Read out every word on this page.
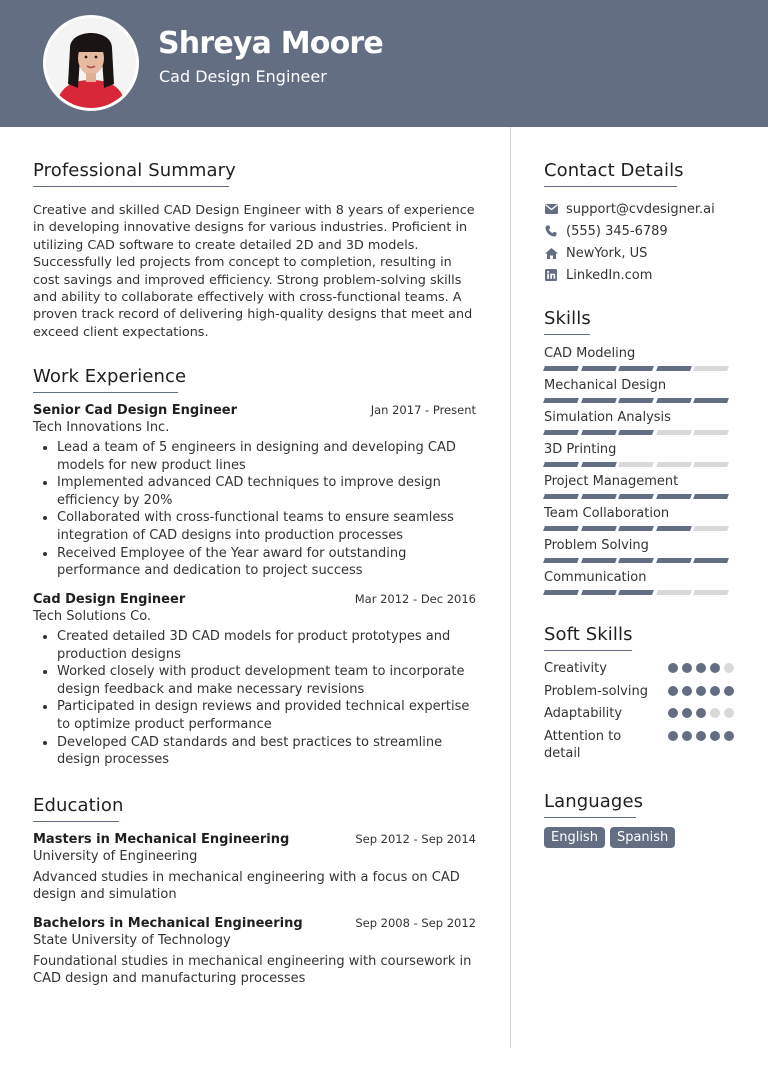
Shreya Moore
Cad Design Engineer
Professional Summary

Creative and skilled CAD Design Engineer with 8 years of experience in developing innovative designs for various industries. Proficient in utilizing CAD software to create detailed 2D and 3D models. Successfully led projects from concept to completion, resulting in cost savings and improved efficiency. Strong problem-solving skills and ability to collaborate effectively with cross-functional teams. A proven track record of delivering high-quality designs that meet and exceed client expectations.

Work Experience
Senior Cad Design Engineer	Jan 2017 - Present
Tech Innovations Inc.
• Lead a team of 5 engineers in designing and developing CAD models for new product lines
• Implemented advanced CAD techniques to improve design efficiency by 20%
• Collaborated with cross-functional teams to ensure seamless integration of CAD designs into production processes
• Received Employee of the Year award for outstanding performance and dedication to project success
Cad Design Engineer	Mar 2012 - Dec 2016
Tech Solutions Co.
• Created detailed 3D CAD models for product prototypes and production designs
• Worked closely with product development team to incorporate design feedback and make necessary revisions
• Participated in design reviews and provided technical expertise to optimize product performance
• Developed CAD standards and best practices to streamline design processes
Education
Masters in Mechanical Engineering	Sep 2012 - Sep 2014
University of Engineering

Advanced studies in mechanical engineering with a focus on CAD design and simulation

Bachelors in Mechanical Engineering	Sep 2008 - Sep 2012
State University of Technology

Foundational studies in mechanical engineering with coursework in CAD design and manufacturing processes

Contact Details
support@cvdesigner.ai
(555) 345-6789
NewYork, US
LinkedIn.com
Skills
CAD Modeling
Mechanical Design
Simulation Analysis
3D Printing
Project Management
Team Collaboration
Problem Solving
Communication
Soft Skills
Creativity
Problem-solving
Adaptability
Attention to detail
Languages
English	Spanish
